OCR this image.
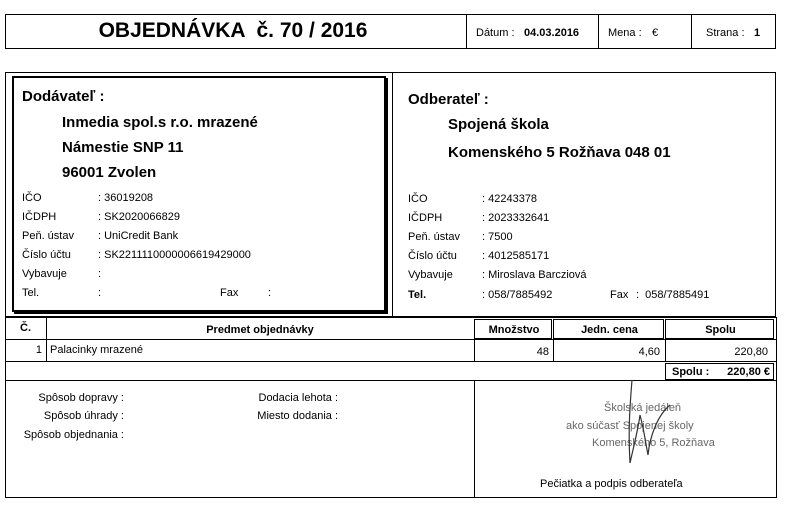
OBJEDNÁVKA  č. 70 / 2016	Dátum : 04.03.2016	Mena : €	Strana : 1
Dodávateľ :
Inmedia spol.s r.o. mrazené
Námestie SNP 11
96001 Zvolen
IČO	: 36019208
IČDPH	: SK2020066829
Peň. ústav : UniCredit Bank
Číslo účtu : SK2211110000006619429000
Vybavuje	:
Tel.	:	Fax	:
Odberateľ :
Spojená škola
Komenského 5 Rožňava 048 01
IČO	: 42243378
IČDPH	: 2023332641
Peň. ústav : 7500
Číslo účtu : 4012585171
Vybavuje	: Miroslava Barcziová
Tel.	: 058/7885492	Fax :  058/7885491
Č.	Predmet objednávky	Množstvo	Jedn. cena	Spolu
1 Palacinky mrazené	48	4,60	220,80
Spolu :	220,80 €
Spôsob dopravy :
Spôsob úhrady :
Spôsob objednania :
Dodacia lehota :
Miesto dodania :
Školská jedáleň
ako súčasť Spojenej školy
Komenského 5, Rožňava
Pečiatka a podpis odberateľa
